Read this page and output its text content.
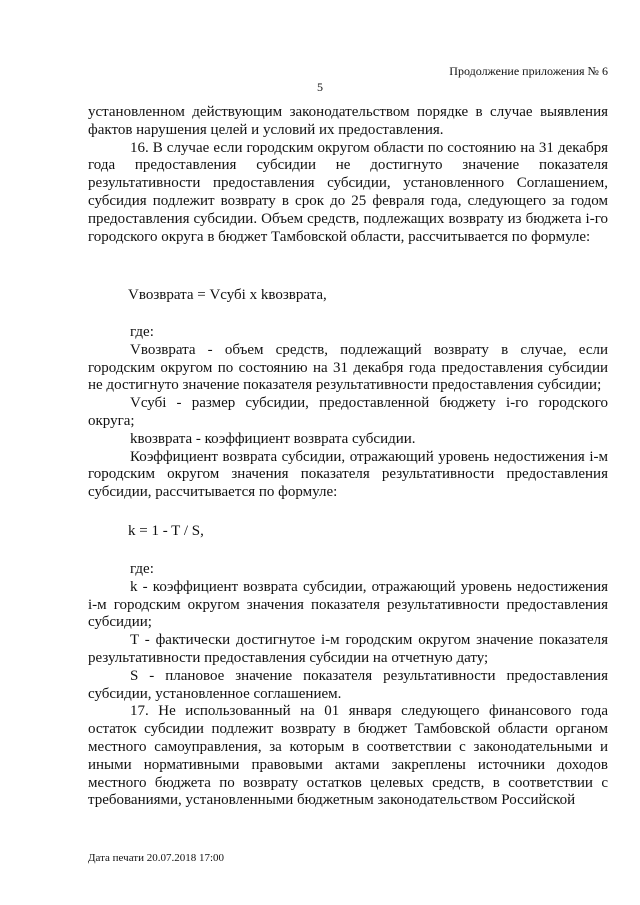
Продолжение приложения № 6
5

установленном действующим законодательством порядке в случае выявления фактов нарушения целей и условий их предоставления.

16. В случае если городским округом области по состоянию на 31 декабря года предоставления субсидии не достигнуто значение показателя результативности предоставления субсидии, установленного Соглашением, субсидия подлежит возврату в срок до 25 февраля года, следующего за годом предоставления субсидии. Объем средств, подлежащих возврату из бюджета i-го городского округа в бюджет Тамбовской области, рассчитывается по формуле:

Vвозврата = Vсубi x kвозврата,

где:

Vвозврата - объем средств, подлежащий возврату в случае, если городским округом по состоянию на 31 декабря года предоставления субсидии не достигнуто значение показателя результативности предоставления субсидии;

Vсубi - размер субсидии, предоставленной бюджету i-го городского округа;

kвозврата - коэффициент возврата субсидии.

Коэффициент возврата субсидии, отражающий уровень недостижения i-м городским округом значения показателя результативности предоставления субсидии, рассчитывается по формуле:

k = 1 - T / S,

где:

k - коэффициент возврата субсидии, отражающий уровень недостижения i-м городским округом значения показателя результативности предоставления субсидии;

T - фактически достигнутое i-м городским округом значение показателя результативности предоставления субсидии на отчетную дату;

S - плановое значение показателя результативности предоставления субсидии, установленное соглашением.

17. Не использованный на 01 января следующего финансового года остаток субсидии подлежит возврату в бюджет Тамбовской области органом местного самоуправления, за которым в соответствии с законодательными и иными нормативными правовыми актами закреплены источники доходов местного бюджета по возврату остатков целевых средств, в соответствии с требованиями, установленными бюджетным законодательством Российской

Дата печати 20.07.2018 17:00
